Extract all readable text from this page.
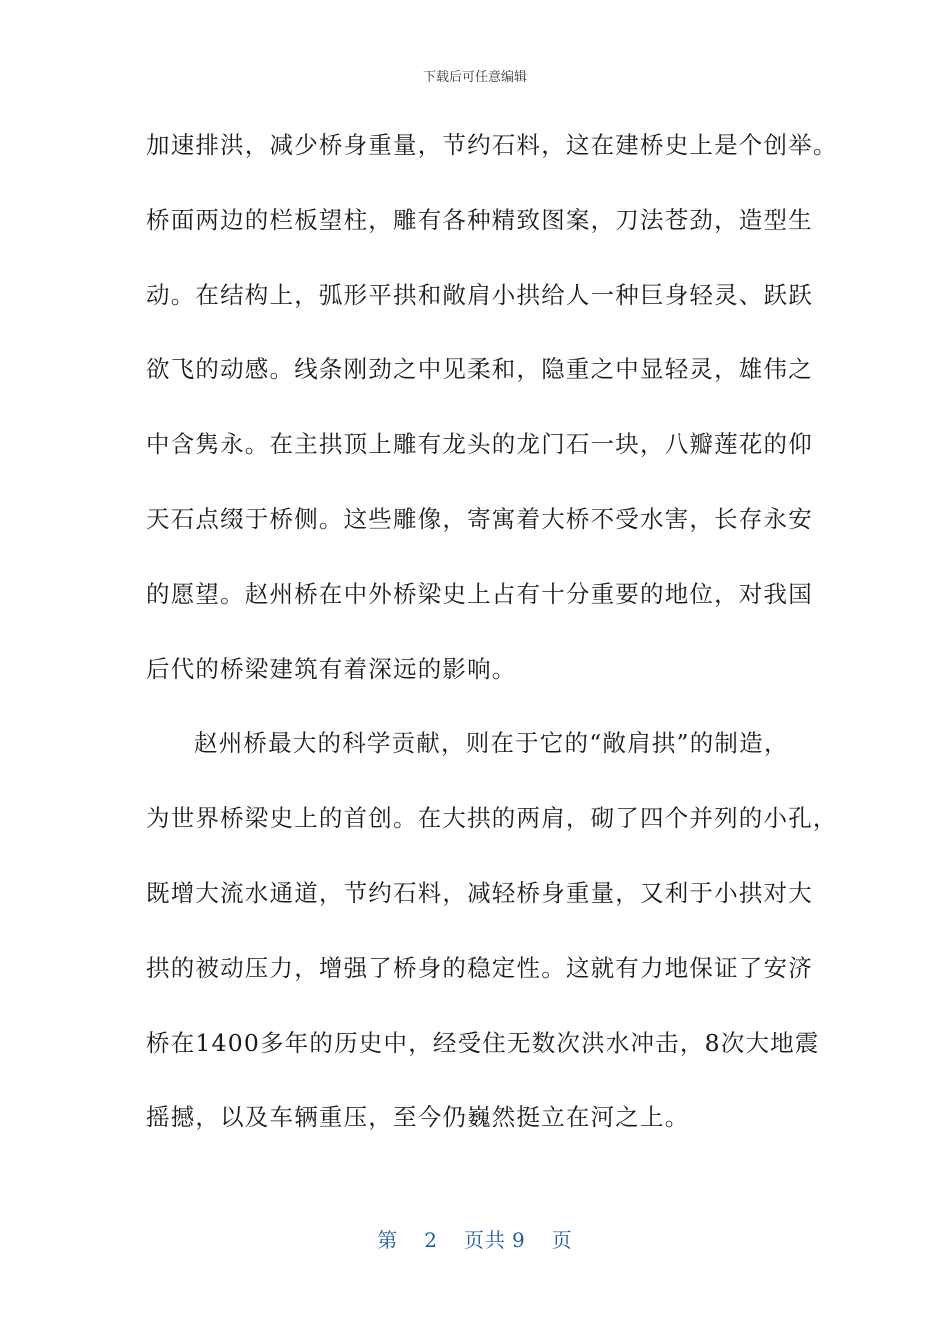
下载后可任意编辑
加速排洪，减少桥身重量，节约石料，这在建桥史上是个创举。
桥面两边的栏板望柱，雕有各种精致图案，刀法苍劲，造型生
动。在结构上，弧形平拱和敞肩小拱给人一种巨身轻灵、跃跃
欲飞的动感。线条刚劲之中见柔和，隐重之中显轻灵，雄伟之
中含隽永。在主拱顶上雕有龙头的龙门石一块，八瓣莲花的仰
天石点缀于桥侧。这些雕像，寄寓着大桥不受水害，长存永安
的愿望。赵州桥在中外桥梁史上占有十分重要的地位，对我国
后代的桥梁建筑有着深远的影响。
赵州桥最大的科学贡献，则在于它的“敞肩拱”的制造，
为世界桥梁史上的首创。在大拱的两肩，砌了四个并列的小孔，
既增大流水通道，节约石料，减轻桥身重量，又利于小拱对大
拱的被动压力，增强了桥身的稳定性。这就有力地保证了安济
桥在1400多年的历史中，经受住无数次洪水冲击，8次大地震
摇撼，以及车辆重压，至今仍巍然挺立在河之上。
第 2 页共 9 页
